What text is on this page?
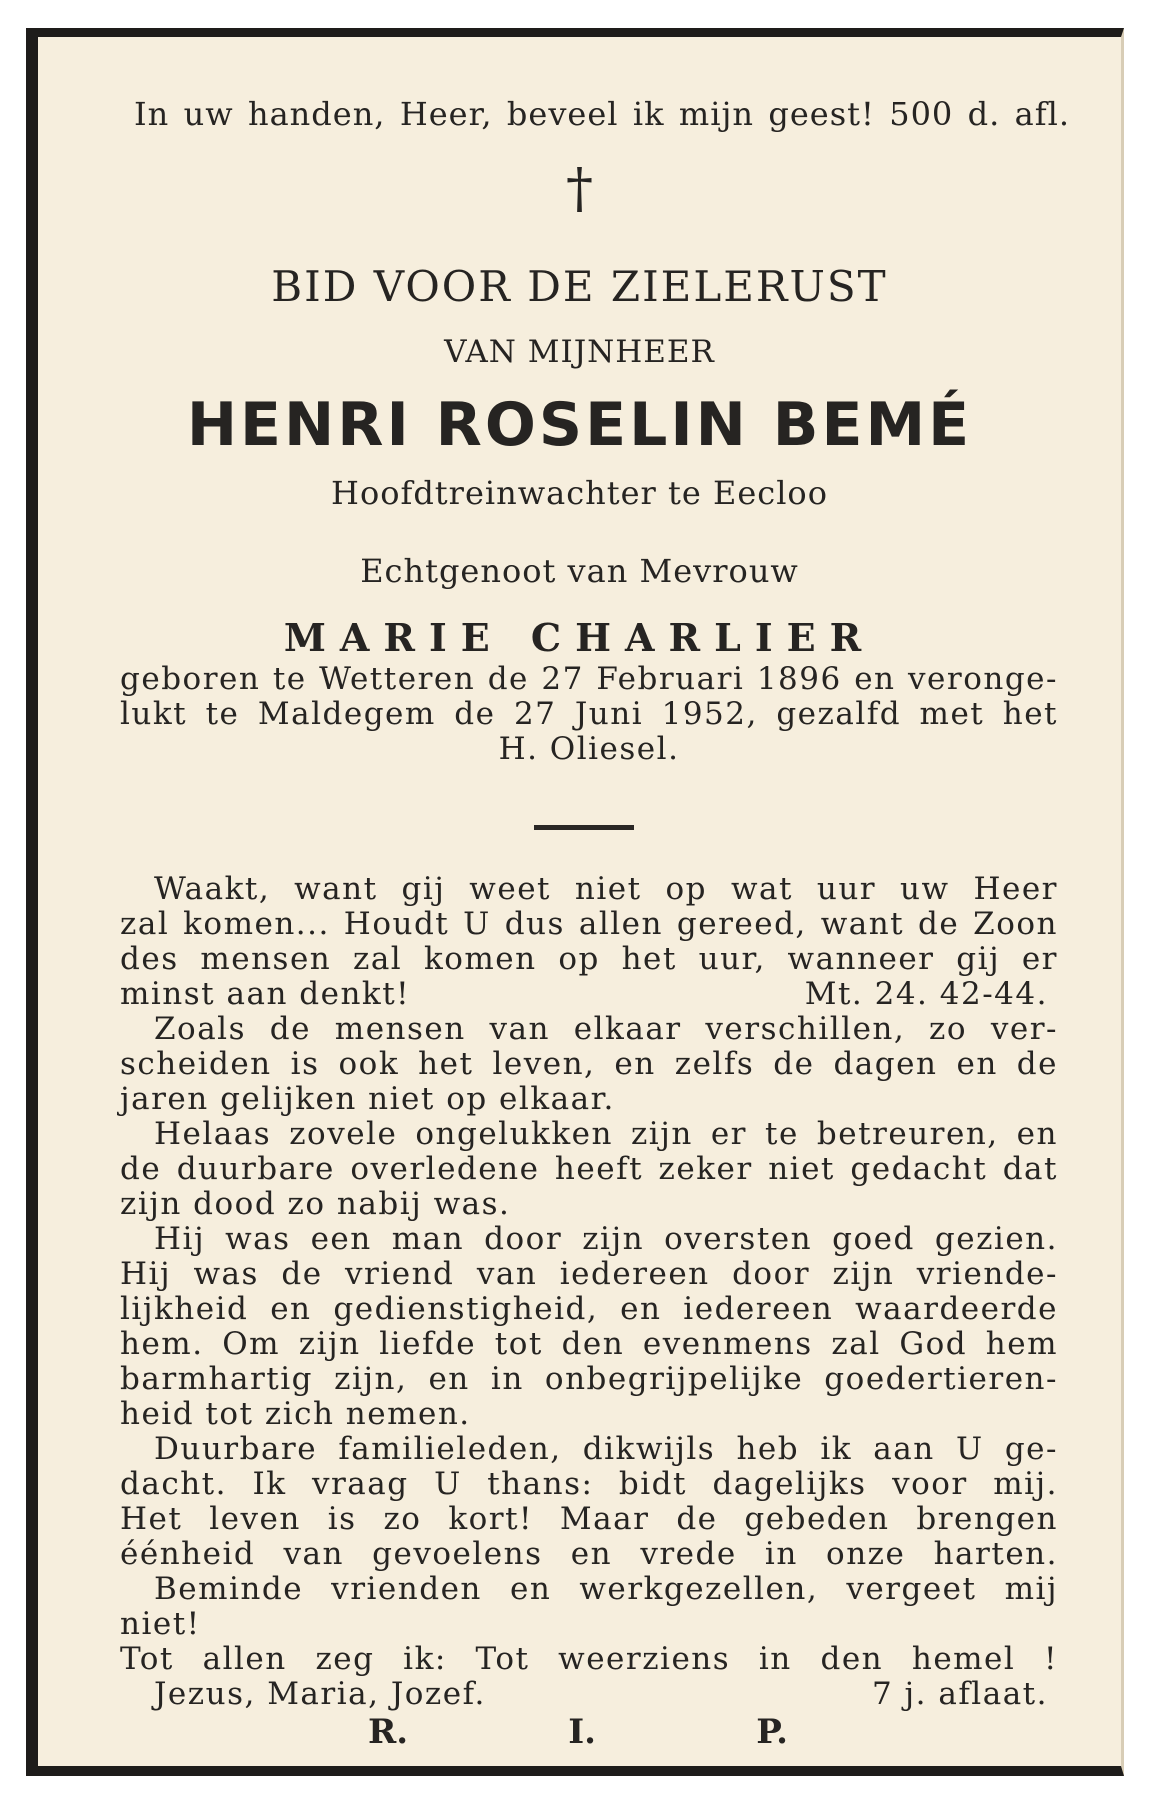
In uw handen, Heer, beveel ik mijn geest! 500 d. afl.
†
BID VOOR DE ZIELERUST
VAN MIJNHEER
HENRI ROSELIN BEMÉ
Hoofdtreinwachter te Eecloo
Echtgenoot van Mevrouw
MARIE CHARLIER
geboren te Wetteren de 27 Februari 1896 en veronge-
lukt te Maldegem de 27 Juni 1952, gezalfd met het
H. Oliesel.
Waakt, want gij weet niet op wat uur uw Heer
zal komen... Houdt U dus allen gereed, want de Zoon
des mensen zal komen op het uur, wanneer gij er
minst aan denkt!	Mt. 24. 42-44.
Zoals de mensen van elkaar verschillen, zo ver-
scheiden is ook het leven, en zelfs de dagen en de
jaren gelijken niet op elkaar.
Helaas zovele ongelukken zijn er te betreuren, en
de duurbare overledene heeft zeker niet gedacht dat
zijn dood zo nabij was.
Hij was een man door zijn oversten goed gezien.
Hij was de vriend van iedereen door zijn vriende-
lijkheid en gedienstigheid, en iedereen waardeerde
hem. Om zijn liefde tot den evenmens zal God hem
barmhartig zijn, en in onbegrijpelijke goedertieren-
heid tot zich nemen.
Duurbare familieleden, dikwijls heb ik aan U ge-
dacht. Ik vraag U thans: bidt dagelijks voor mij.
Het leven is zo kort! Maar de gebeden brengen
éénheid van gevoelens en vrede in onze harten.
Beminde vrienden en werkgezellen, vergeet mij niet!
Tot allen zeg ik: Tot weerziens in den hemel !
Jezus, Maria, Jozef.	7 j. aflaat.
R.	I.	P.
